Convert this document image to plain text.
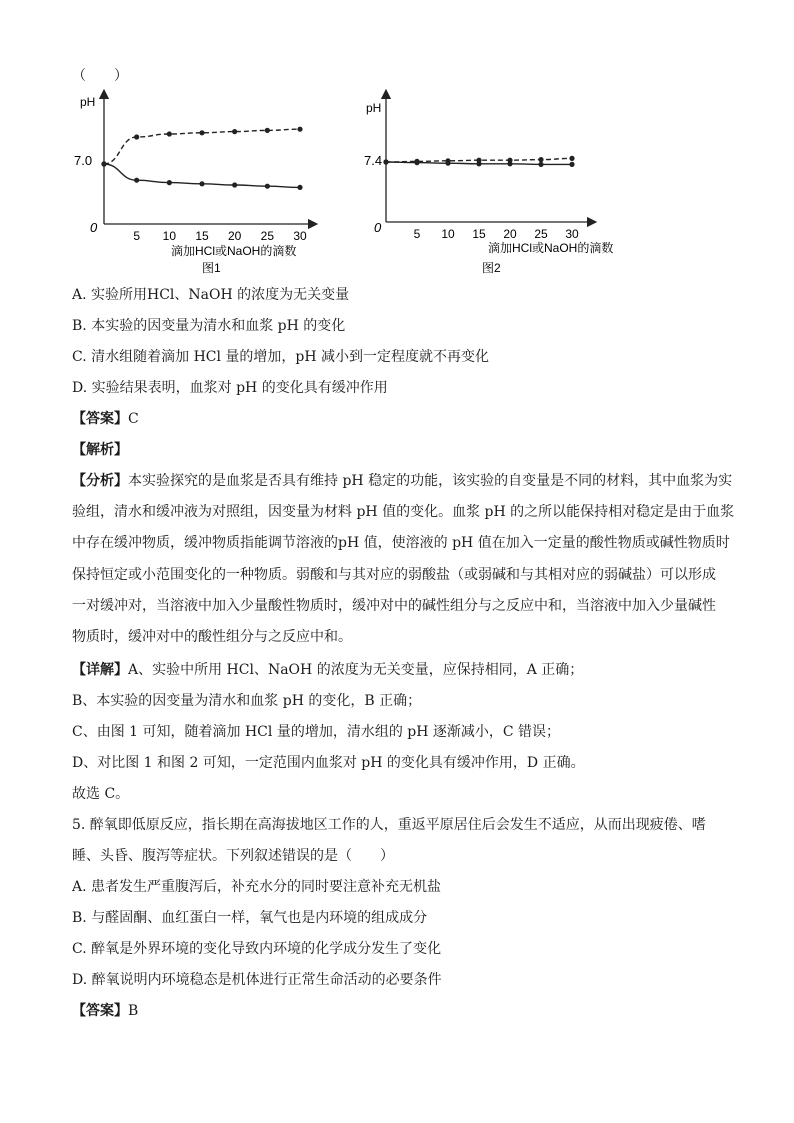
（　　）
pH
0
7.0
5 10 15 20 25 30
滴加HCl或NaOH的滴数
图1
pH
0
7.4
5 10 15 20 25 30
滴加HCl或NaOH的滴数
图2
A. 实验所用HCl、NaOH 的浓度为无关变量
B. 本实验的因变量为清水和血浆 pH 的变化
C. 清水组随着滴加 HCl 量的增加，pH 减小到一定程度就不再变化
D. 实验结果表明，血浆对 pH 的变化具有缓冲作用
【答案】C
【解析】
【分析】本实验探究的是血浆是否具有维持 pH 稳定的功能，该实验的自变量是不同的材料，其中血浆为实
验组，清水和缓冲液为对照组，因变量为材料 pH 值的变化。血浆 pH 的之所以能保持相对稳定是由于血浆
中存在缓冲物质，缓冲物质指能调节溶液的pH 值，使溶液的 pH 值在加入一定量的酸性物质或碱性物质时
保持恒定或小范围变化的一种物质。弱酸和与其对应的弱酸盐（或弱碱和与其相对应的弱碱盐）可以形成
一对缓冲对，当溶液中加入少量酸性物质时，缓冲对中的碱性组分与之反应中和，当溶液中加入少量碱性
物质时，缓冲对中的酸性组分与之反应中和。
【详解】A、实验中所用 HCl、NaOH 的浓度为无关变量，应保持相同，A 正确；
B、本实验的因变量为清水和血浆 pH 的变化，B 正确；
C、由图 1 可知，随着滴加 HCl 量的增加，清水组的 pH 逐渐减小，C 错误；
D、对比图 1 和图 2 可知，一定范围内血浆对 pH 的变化具有缓冲作用，D 正确。
故选 C。
5. 醉氧即低原反应，指长期在高海拔地区工作的人，重返平原居住后会发生不适应，从而出现疲倦、嗜
睡、头昏、腹泻等症状。下列叙述错误的是（　　）
A. 患者发生严重腹泻后，补充水分的同时要注意补充无机盐
B. 与醛固酮、血红蛋白一样，氧气也是内环境的组成成分
C. 醉氧是外界环境的变化导致内环境的化学成分发生了变化
D. 醉氧说明内环境稳态是机体进行正常生命活动的必要条件
【答案】B
